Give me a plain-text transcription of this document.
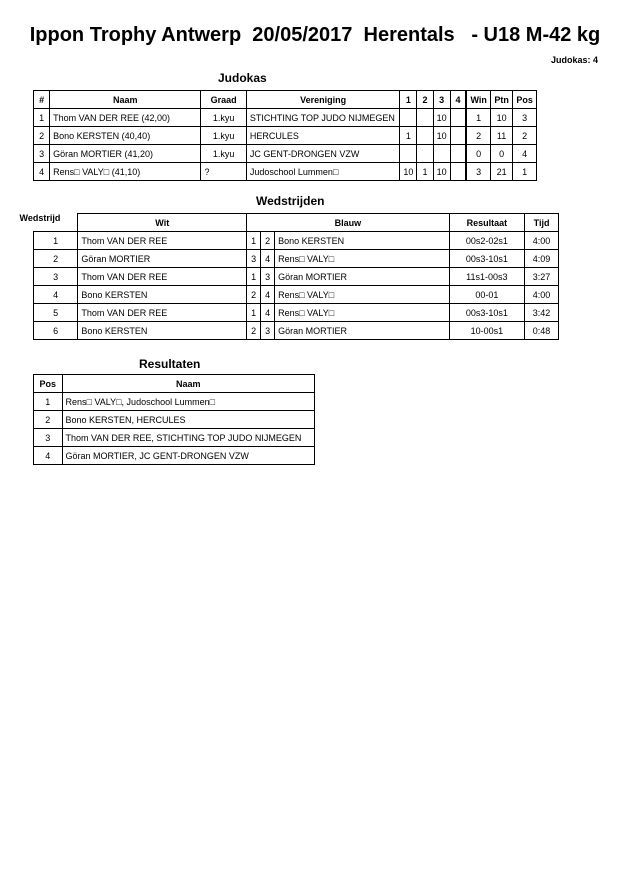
Ippon Trophy Antwerp  20/05/2017  Herentals   - U18 M-42 kg
Judokas: 4
Judokas
#	Naam	Graad	Vereniging	1	2	3	4	Win	Ptn	Pos
1	Thom VAN DER REE (42,00)	1.kyu	STICHTING TOP JUDO NIJMEGEN			10		1	10	3
2	Bono KERSTEN (40,40)	1.kyu	HERCULES	1		10		2	11	2
3	Göran MORTIER (41,20)	1.kyu	JC GENT-DRONGEN VZW					0	0	4
4	Rens□ VALY□ (41,10)	?	Judoschool Lummen□	10	1	10		3	21	1
Wedstrijden
Wedstrijd	Wit	Blauw			Resultaat	Tijd
1	Thom VAN DER REE	1	2	Bono KERSTEN	00s2-02s1	4:00
2	Göran MORTIER	3	4	Rens□ VALY□	00s3-10s1	4:09
3	Thom VAN DER REE	1	3	Göran MORTIER	11s1-00s3	3:27
4	Bono KERSTEN	2	4	Rens□ VALY□	00-01	4:00
5	Thom VAN DER REE	1	4	Rens□ VALY□	00s3-10s1	3:42
6	Bono KERSTEN	2	3	Göran MORTIER	10-00s1	0:48
Resultaten
Pos	Naam
1	Rens□ VALY□, Judoschool Lummen□
2	Bono KERSTEN, HERCULES
3	Thom VAN DER REE, STICHTING TOP JUDO NIJMEGEN
4	Göran MORTIER, JC GENT-DRONGEN VZW
